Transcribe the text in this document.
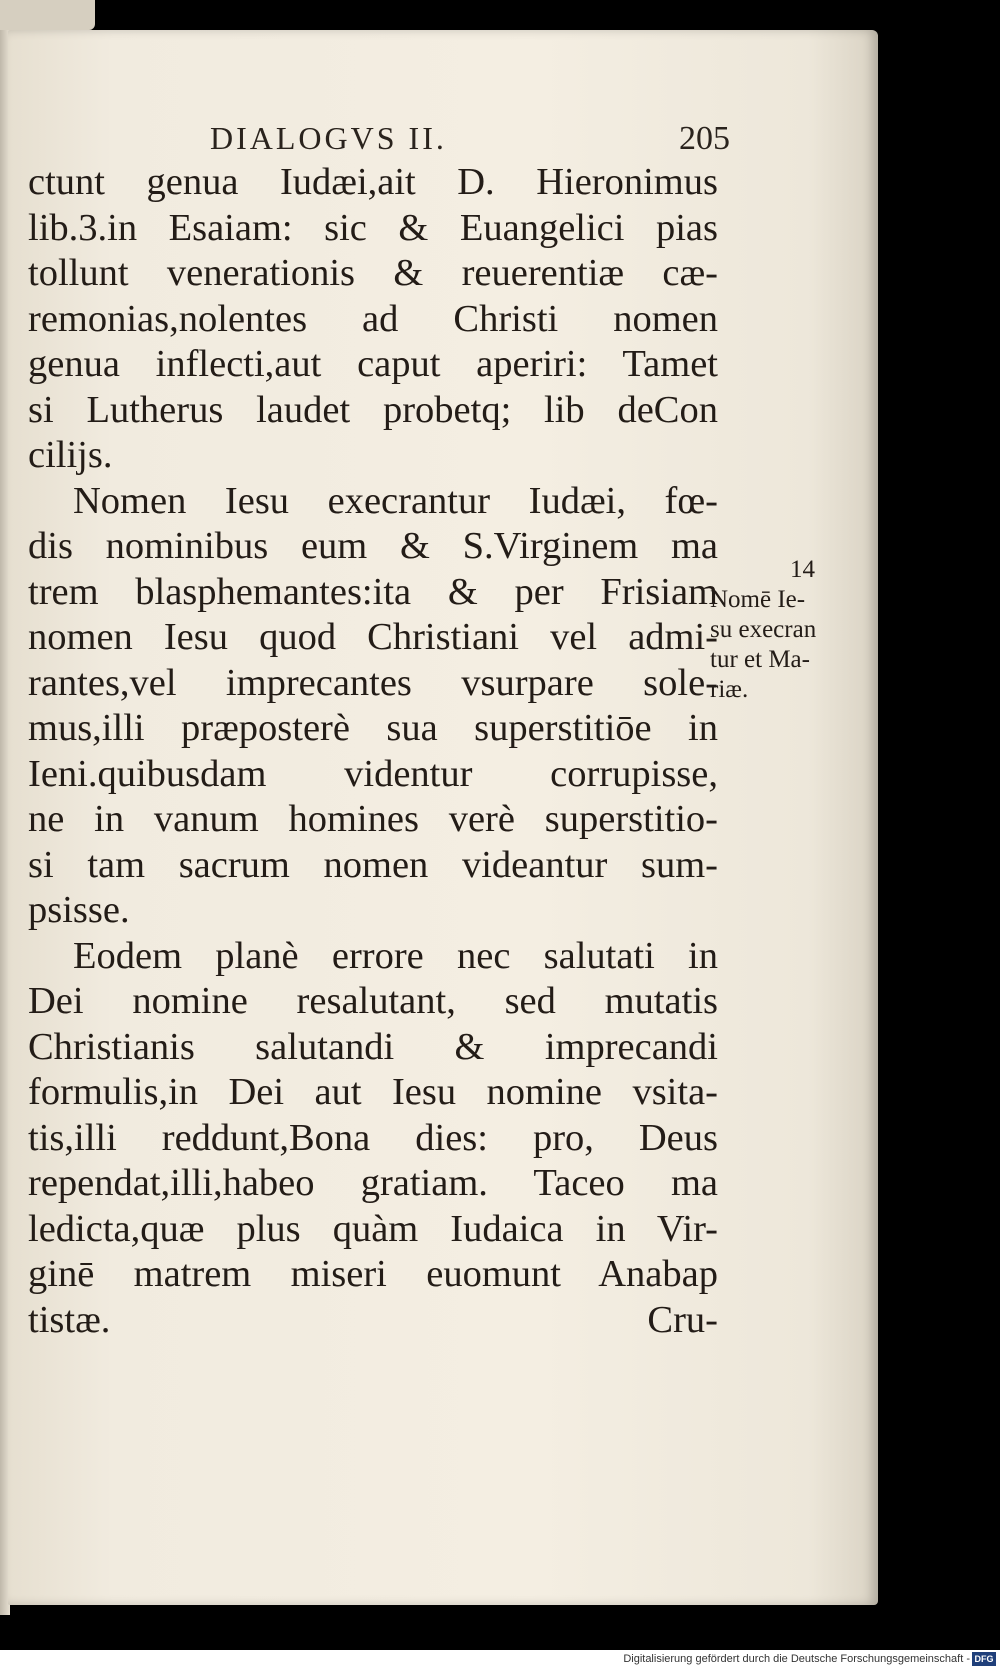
DIALOGVS II.	205
ctunt genua Iudæi,ait D. Hieronimus
lib.3.in Esaiam: sic & Euangelici pias
tollunt venerationis & reuerentiæ cæ-
remonias,nolentes ad Christi nomen
genua inflecti,aut caput aperiri: Tamet
si Lutherus laudet probetq; lib deCon
cilijs.
Nomen Iesu execrantur Iudæi, fœ-
dis nominibus eum & S.Virginem ma
trem blasphemantes:ita & per Frisiam
nomen Iesu quod Christiani vel admi-
rantes,vel imprecantes vsurpare sole-
mus,illi præposterè sua superstitiōe in
Ieni.quibusdam videntur corrupisse,
ne in vanum homines verè superstitio-
si tam sacrum nomen videantur sum-
psisse.
Eodem planè errore nec salutati in
Dei nomine resalutant, sed mutatis
Christianis salutandi & imprecandi
formulis,in Dei aut Iesu nomine vsita-
tis,illi reddunt,Bona dies: pro, Deus
rependat,illi,habeo gratiam. Taceo ma
ledicta,quæ plus quàm Iudaica in Vir-
ginē matrem miseri euomunt Anabap
tistæ.	Cru-
14
Nomē Ie-
su execran
tur et Ma-
riæ.
Digitalisierung gefördert durch die Deutsche Forschungsgemeinschaft - DFG
